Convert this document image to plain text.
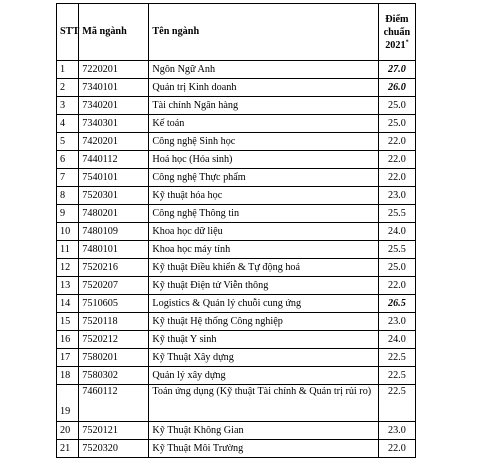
STT	Mã ngành	Tên ngành	Điểm
chuẩn
2021*
1	7220201	Ngôn Ngữ Anh	27.0
2	7340101	Quản trị Kinh doanh	26.0
3	7340201	Tài chính Ngân hàng	25.0
4	7340301	Kế toán	25.0
5	7420201	Công nghệ Sinh học	22.0
6	7440112	Hoá học (Hóa sinh)	22.0
7	7540101	Công nghệ Thực phẩm	22.0
8	7520301	Kỹ thuật hóa học	23.0
9	7480201	Công nghệ Thông tin	25.5
10	7480109	Khoa học dữ liệu	24.0
11	7480101	Khoa học máy tính	25.5
12	7520216	Kỹ thuật Điều khiển & Tự động hoá	25.0
13	7520207	Kỹ thuật Điện tử Viễn thông	22.0
14	7510605	Logistics & Quản lý chuỗi cung ứng	26.5
15	7520118	Kỹ thuật Hệ thống Công nghiệp	23.0
16	7520212	Kỹ thuật Y sinh	24.0
17	7580201	Kỹ Thuật Xây dựng	22.5
18	7580302	Quản lý xây dựng	22.5
19	7460112	Toán ứng dụng (Kỹ thuật Tài chính & Quản trị rủi ro)	22.5
20	7520121	Kỹ Thuật Không Gian	23.0
21	7520320	Kỹ Thuật Môi Trường	22.0
